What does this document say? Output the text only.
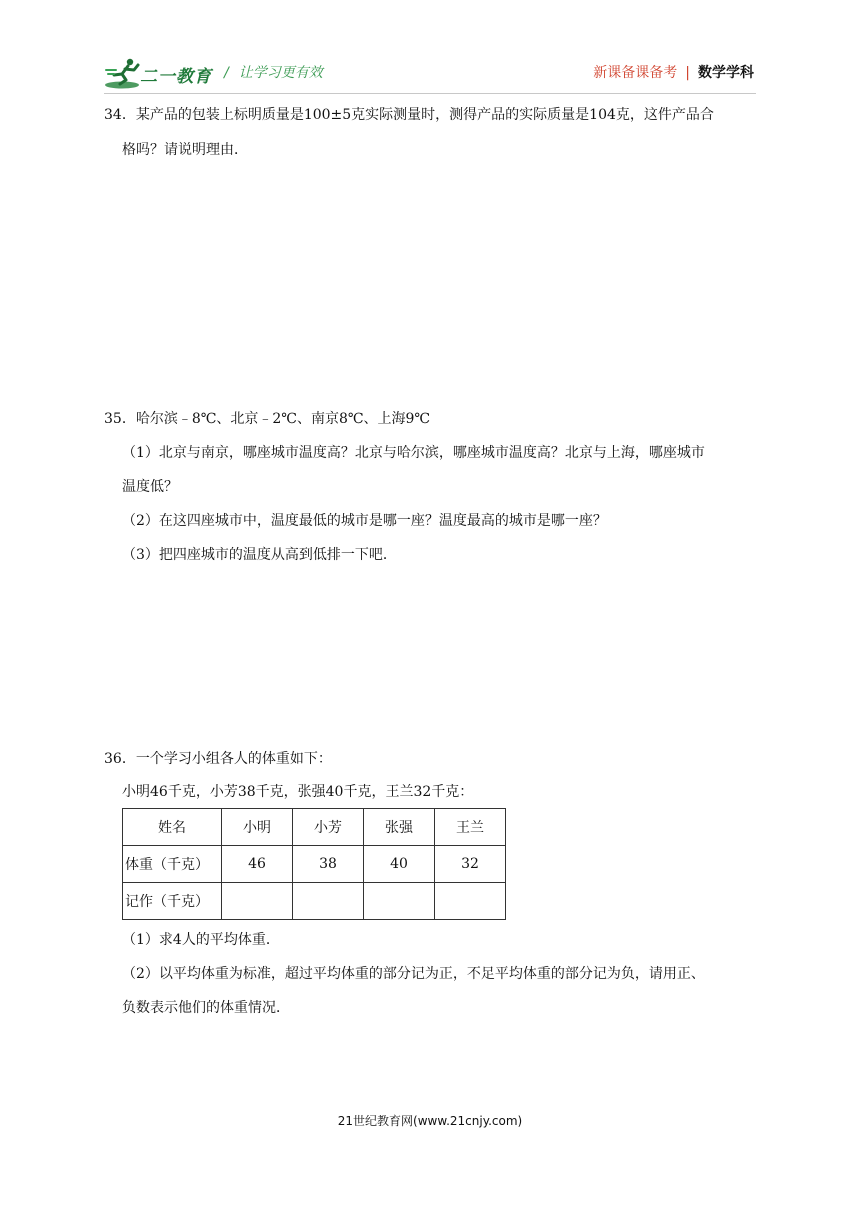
二一教育 / 让学习更有效	新课备课备考 | 数学学科
34．某产品的包装上标明质量是100±5克实际测量时，测得产品的实际质量是104克，这件产品合
格吗？请说明理由．
35．哈尔滨﹣8℃、北京﹣2℃、南京8℃、上海9℃
（1）北京与南京，哪座城市温度高？北京与哈尔滨，哪座城市温度高？北京与上海，哪座城市
温度低？
（2）在这四座城市中，温度最低的城市是哪一座？温度最高的城市是哪一座？
（3）把四座城市的温度从高到低排一下吧．
36．一个学习小组各人的体重如下：
小明46千克，小芳38千克，张强40千克，王兰32千克：
姓名	小明	小芳	张强	王兰
体重（千克）	46	38	40	32
记作（千克）				
（1）求4人的平均体重．
（2）以平均体重为标准，超过平均体重的部分记为正，不足平均体重的部分记为负，请用正、
负数表示他们的体重情况．
21世纪教育网(www.21cnjy.com)
